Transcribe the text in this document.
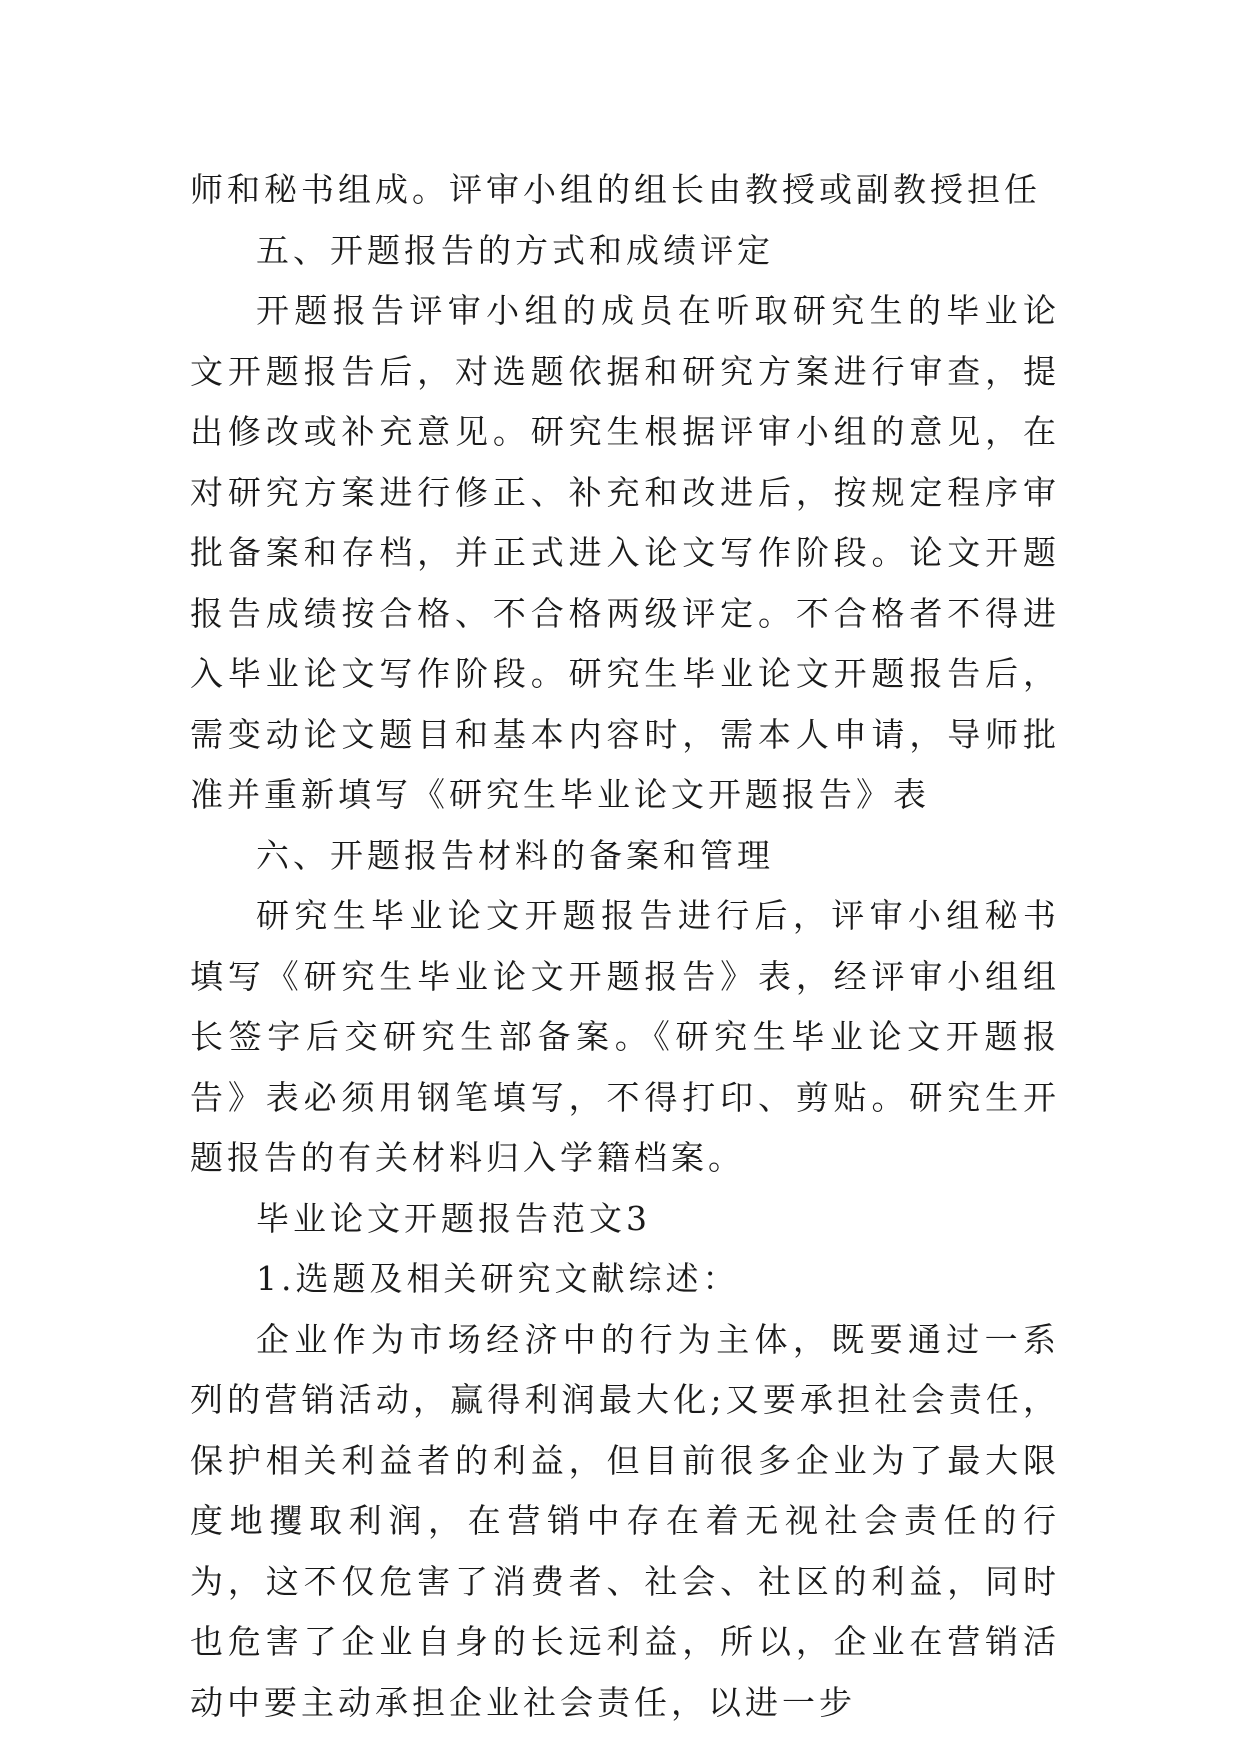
师和秘书组成。评审小组的组长由教授或副教授担任

五、开题报告的方式和成绩评定

开题报告评审小组的成员在听取研究生的毕业论文开题报告后，对选题依据和研究方案进行审查，提出修改或补充意见。研究生根据评审小组的意见，在对研究方案进行修正、补充和改进后，按规定程序审批备案和存档，并正式进入论文写作阶段。论文开题报告成绩按合格、不合格两级评定。不合格者不得进入毕业论文写作阶段。研究生毕业论文开题报告后，需变动论文题目和基本内容时，需本人申请，导师批准并重新填写《研究生毕业论文开题报告》表

六、开题报告材料的备案和管理

研究生毕业论文开题报告进行后，评审小组秘书填写《研究生毕业论文开题报告》表，经评审小组组长签字后交研究生部备案。《研究生毕业论文开题报告》表必须用钢笔填写，不得打印、剪贴。研究生开题报告的有关材料归入学籍档案。

毕业论文开题报告范文3

1.选题及相关研究文献综述：

企业作为市场经济中的行为主体，既要通过一系列的营销活动，赢得利润最大化;又要承担社会责任，保护相关利益者的利益，但目前很多企业为了最大限度地攫取利润，在营销中存在着无视社会责任的行为，这不仅危害了消费者、社会、社区的利益，同时也危害了企业自身的长远利益，所以，企业在营销活动中要主动承担企业社会责任，以进一步
